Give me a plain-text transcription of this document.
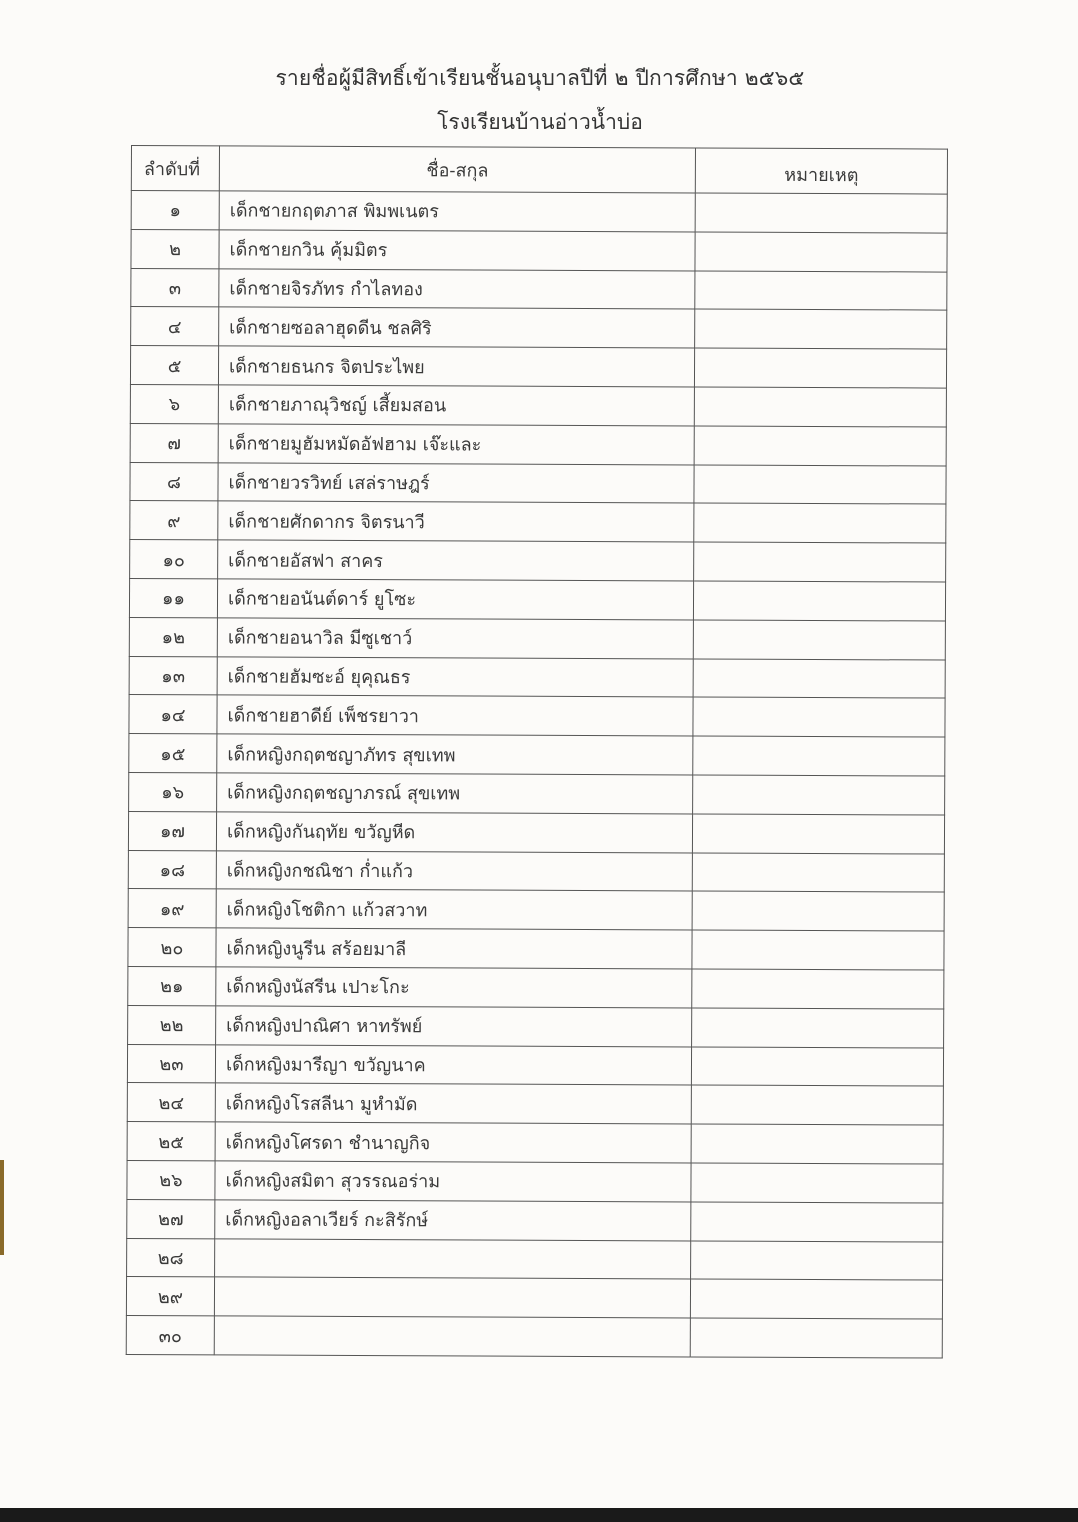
รายชื่อผู้มีสิทธิ์เข้าเรียนชั้นอนุบาลปีที่ ๒ ปีการศึกษา ๒๕๖๕
โรงเรียนบ้านอ่าวน้ำบ่อ
ลำดับที่	ชื่อ-สกุล	หมายเหตุ
๑	เด็กชายกฤตภาส พิมพเนตร	
๒	เด็กชายกวิน คุ้มมิตร	
๓	เด็กชายจิรภัทร กำไลทอง	
๔	เด็กชายซอลาฮุดดีน ชลศิริ	
๕	เด็กชายธนกร จิตประไพย	
๖	เด็กชายภาณุวิชญ์ เสี้ยมสอน	
๗	เด็กชายมูฮัมหมัดอัฟฮาม เจ๊ะและ	
๘	เด็กชายวรวิทย์ เสล่ราษฎร์	
๙	เด็กชายศักดากร จิตรนาวี	
๑๐	เด็กชายอัสฟา สาคร	
๑๑	เด็กชายอนันต์ดาร์ ยูโซะ	
๑๒	เด็กชายอนาวิล มีซูเชาว์	
๑๓	เด็กชายฮัมซะอ์ ยุคุณธร	
๑๔	เด็กชายฮาดีย์ เพ็ชรยาวา	
๑๕	เด็กหญิงกฤตชญาภัทร สุขเทพ	
๑๖	เด็กหญิงกฤตชญาภรณ์ สุขเทพ	
๑๗	เด็กหญิงกันฤทัย ขวัญหีด	
๑๘	เด็กหญิงกชณิชา ก่ำแก้ว	
๑๙	เด็กหญิงโชติกา แก้วสวาท	
๒๐	เด็กหญิงนูรีน สร้อยมาลี	
๒๑	เด็กหญิงนัสรีน เปาะโกะ	
๒๒	เด็กหญิงปาณิศา หาทรัพย์	
๒๓	เด็กหญิงมารีญา ขวัญนาค	
๒๔	เด็กหญิงโรสลีนา มูหำมัด	
๒๕	เด็กหญิงโศรดา ชำนาญกิจ	
๒๖	เด็กหญิงสมิตา สุวรรณอร่าม	
๒๗	เด็กหญิงอลาเวียร์ กะสิรักษ์	
๒๘		
๒๙		
๓๐		
